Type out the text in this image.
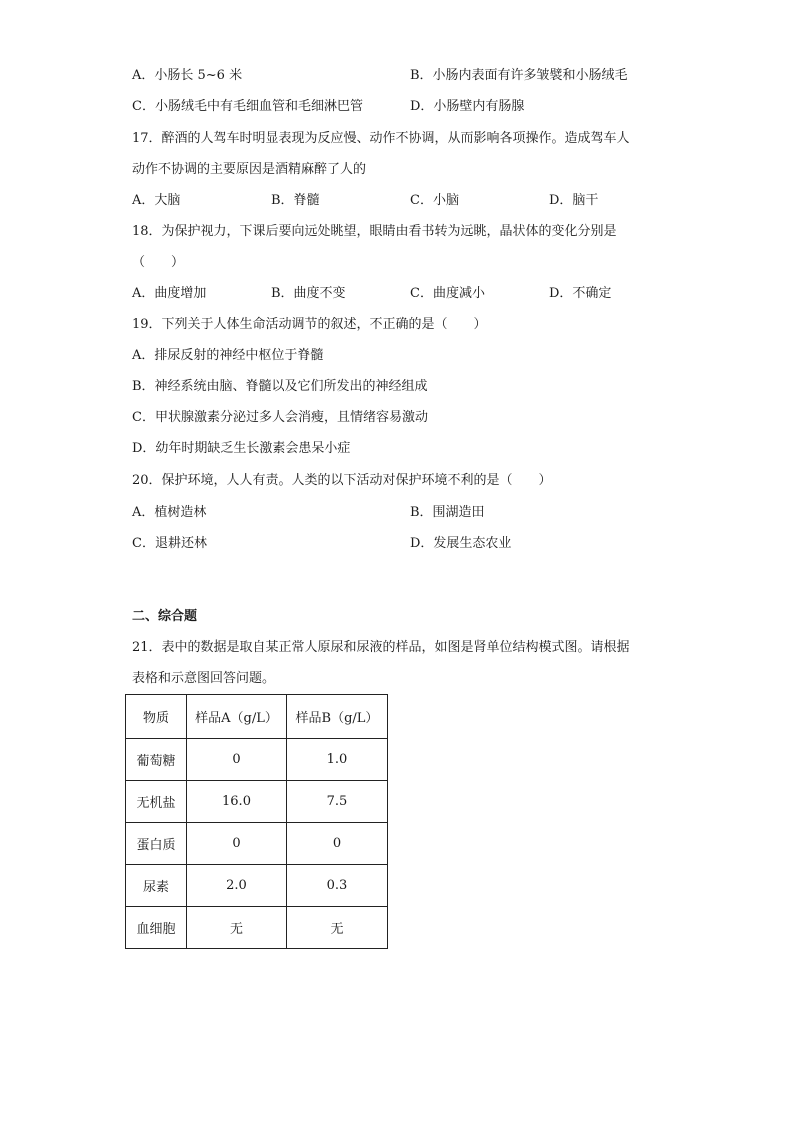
A．小肠长 5~6 米	B．小肠内表面有许多皱襞和小肠绒毛
C．小肠绒毛中有毛细血管和毛细淋巴管	D．小肠壁内有肠腺
17．醉酒的人驾车时明显表现为反应慢、动作不协调，从而影响各项操作。造成驾车人
动作不协调的主要原因是酒精麻醉了人的
A．大脑	B．脊髓	C．小脑	D．脑干
18．为保护视力，下课后要向远处眺望，眼睛由看书转为远眺，晶状体的变化分别是
（　　）
A．曲度增加	B．曲度不变	C．曲度减小	D．不确定
19．下列关于人体生命活动调节的叙述，不正确的是（　　）
A．排尿反射的神经中枢位于脊髓
B．神经系统由脑、脊髓以及它们所发出的神经组成
C．甲状腺激素分泌过多人会消瘦，且情绪容易激动
D．幼年时期缺乏生长激素会患呆小症
20．保护环境，人人有责。人类的以下活动对保护环境不利的是（　　）
A．植树造林	B．围湖造田
C．退耕还林	D．发展生态农业
二、综合题
21．表中的数据是取自某正常人原尿和尿液的样品，如图是肾单位结构模式图。请根据
表格和示意图回答问题。
物质	样品A（g/L）	样品B（g/L）
葡萄糖	0	1.0
无机盐	16.0	7.5
蛋白质	0	0
尿素	2.0	0.3
血细胞	无	无
